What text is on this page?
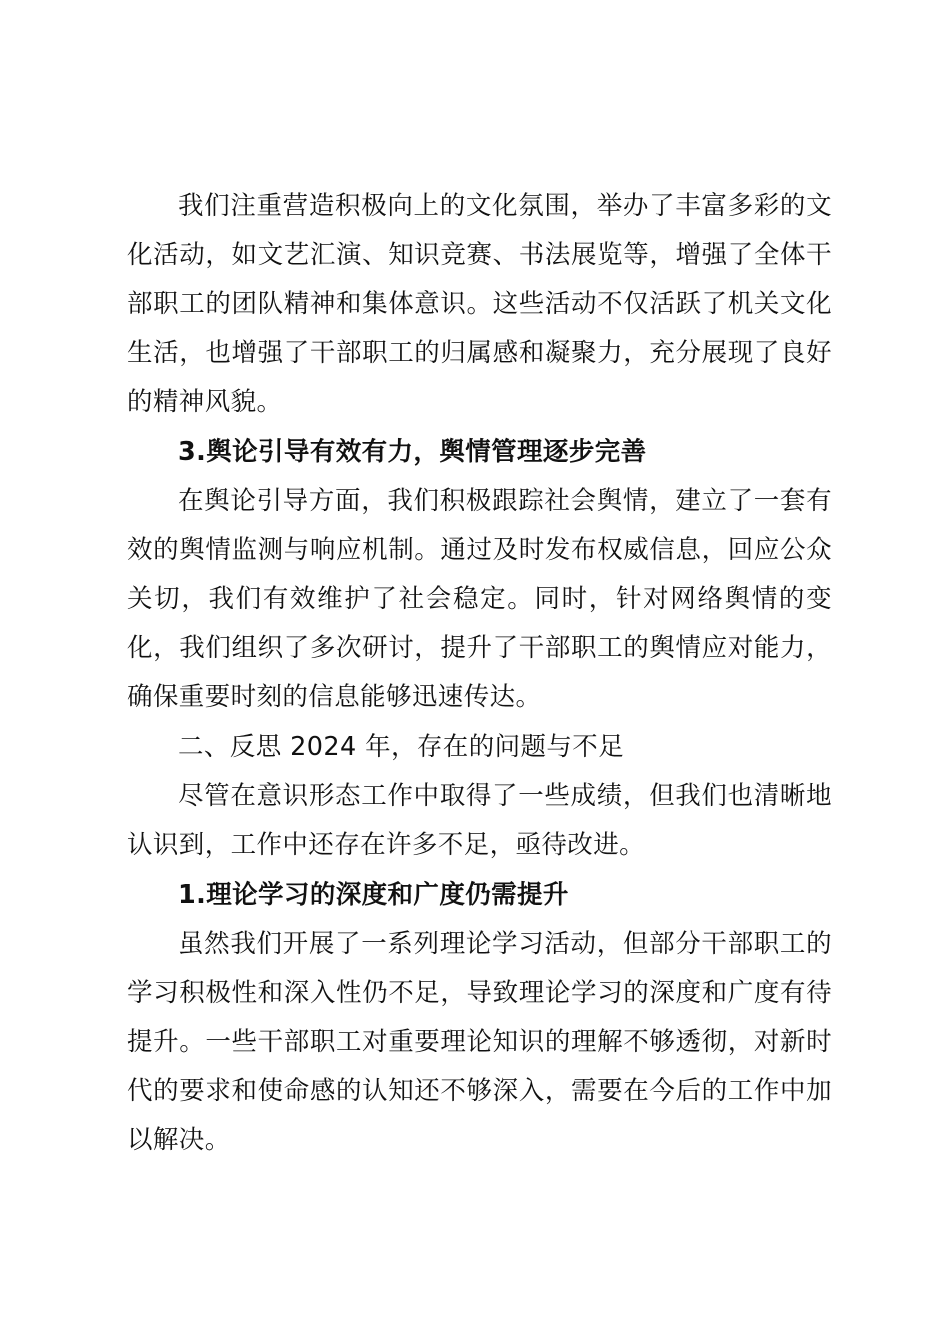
我们注重营造积极向上的文化氛围，举办了丰富多彩的文化活动，如文艺汇演、知识竞赛、书法展览等，增强了全体干部职工的团队精神和集体意识。这些活动不仅活跃了机关文化生活，也增强了干部职工的归属感和凝聚力，充分展现了良好的精神风貌。

3.舆论引导有效有力，舆情管理逐步完善

在舆论引导方面，我们积极跟踪社会舆情，建立了一套有效的舆情监测与响应机制。通过及时发布权威信息，回应公众关切，我们有效维护了社会稳定。同时，针对网络舆情的变化，我们组织了多次研讨，提升了干部职工的舆情应对能力，确保重要时刻的信息能够迅速传达。

二、反思 2024 年，存在的问题与不足

尽管在意识形态工作中取得了一些成绩，但我们也清晰地认识到，工作中还存在许多不足，亟待改进。

1.理论学习的深度和广度仍需提升

虽然我们开展了一系列理论学习活动，但部分干部职工的学习积极性和深入性仍不足，导致理论学习的深度和广度有待提升。一些干部职工对重要理论知识的理解不够透彻，对新时代的要求和使命感的认知还不够深入，需要在今后的工作中加以解决。
